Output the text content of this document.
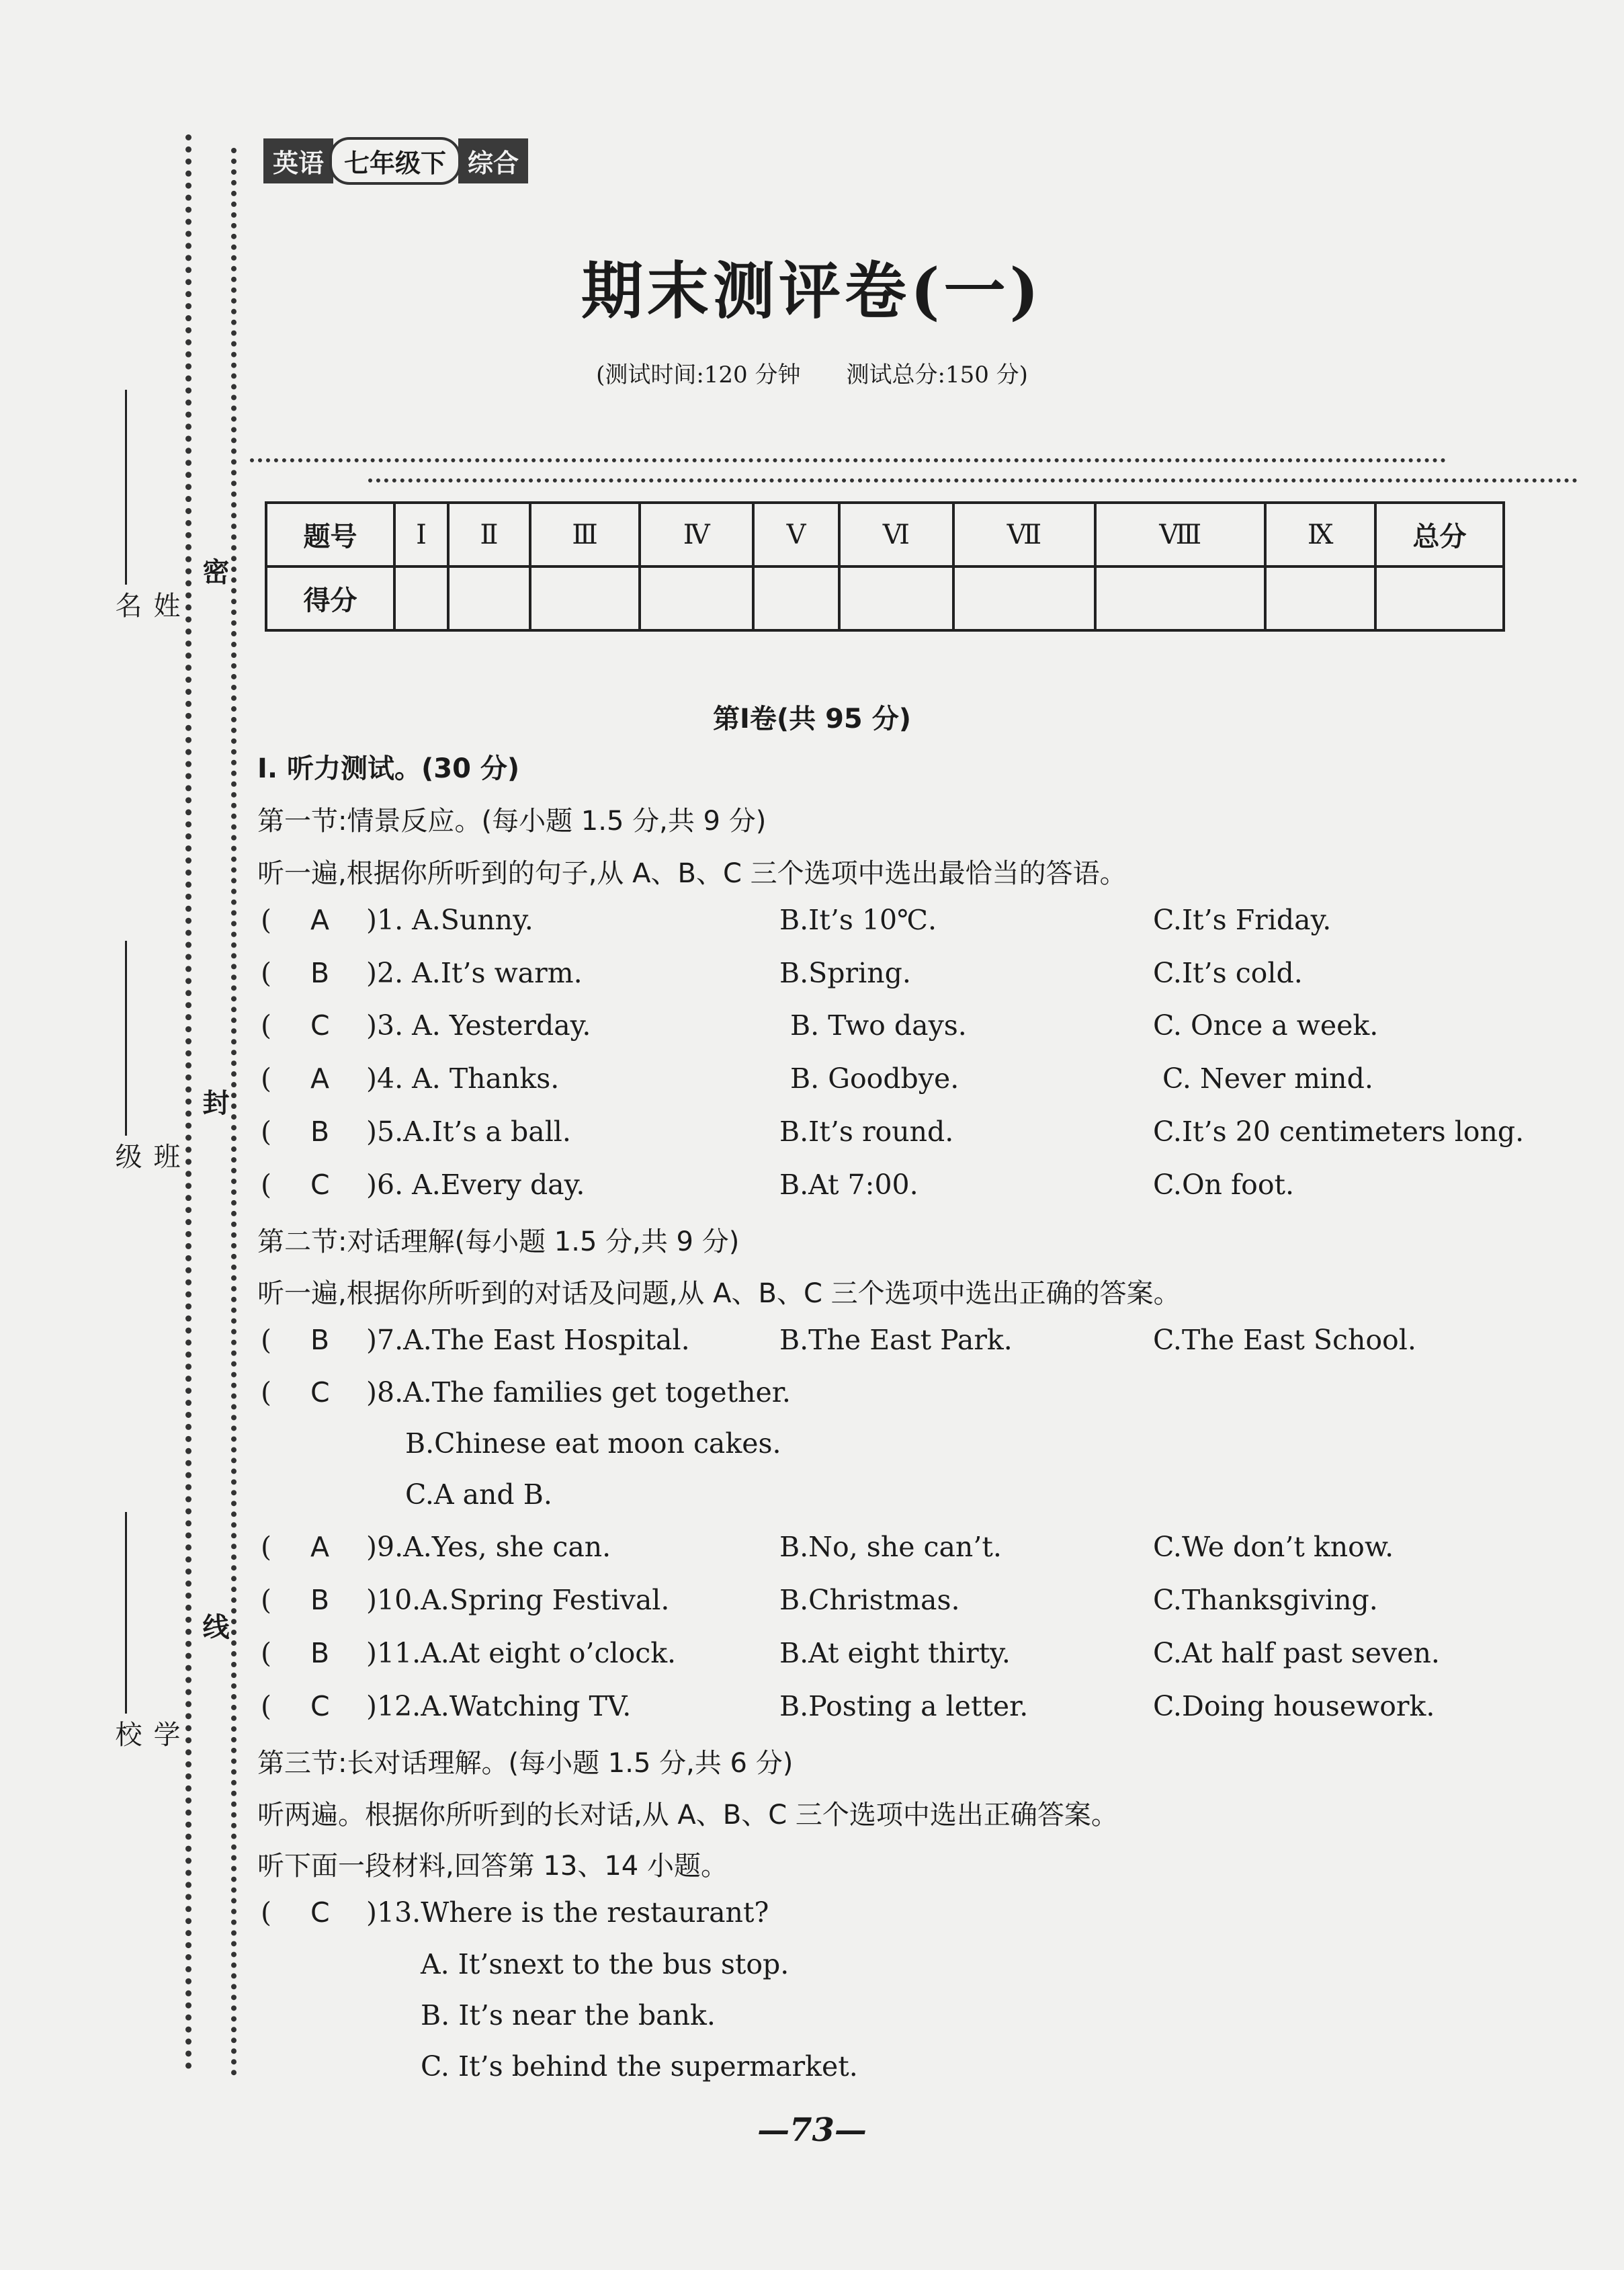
密
封
线
姓 名
班 级
学 校
英语 七年级下 综合
期末测评卷(一)
(测试时间:120 分钟　　测试总分:150 分)
题号	Ⅰ	Ⅱ	Ⅲ	Ⅳ	Ⅴ	Ⅵ	Ⅶ	Ⅷ	Ⅸ	总分
得分										
第Ⅰ卷(共 95 分)
I. 听力测试。(30 分)
第一节:情景反应。(每小题 1.5 分,共 9 分)
听一遍,根据你所听到的句子,从 A、B、C 三个选项中选出最恰当的答语。
( A )1. A.Sunny.	B.It’s 10℃.	C.It’s Friday.
( B )2. A.It’s warm.	B.Spring.	C.It’s cold.
( C )3. A. Yesterday.	B. Two days.	C. Once a week.
( A )4. A. Thanks.	B. Goodbye.	C. Never mind.
( B )5.A.It’s a ball.	B.It’s round.	C.It’s 20 centimeters long.
( C )6. A.Every day.	B.At 7:00.	C.On foot.
第二节:对话理解(每小题 1.5 分,共 9 分)
听一遍,根据你所听到的对话及问题,从 A、B、C 三个选项中选出正确的答案。
( B )7.A.The East Hospital.	B.The East Park.	C.The East School.
( C )8.A.The families get together.
B.Chinese eat moon cakes.
C.A and B.
( A )9.A.Yes, she can.	B.No, she can’t.	C.We don’t know.
( B )10.A.Spring Festival.	B.Christmas.	C.Thanksgiving.
( B )11.A.At eight o’clock.	B.At eight thirty.	C.At half past seven.
( C )12.A.Watching TV.	B.Posting a letter.	C.Doing housework.
第三节:长对话理解。(每小题 1.5 分,共 6 分)
听两遍。根据你所听到的长对话,从 A、B、C 三个选项中选出正确答案。
听下面一段材料,回答第 13、14 小题。
( C )13.Where is the restaurant?
A. It’snext to the bus stop.
B. It’s near the bank.
C. It’s behind the supermarket.
—73—
